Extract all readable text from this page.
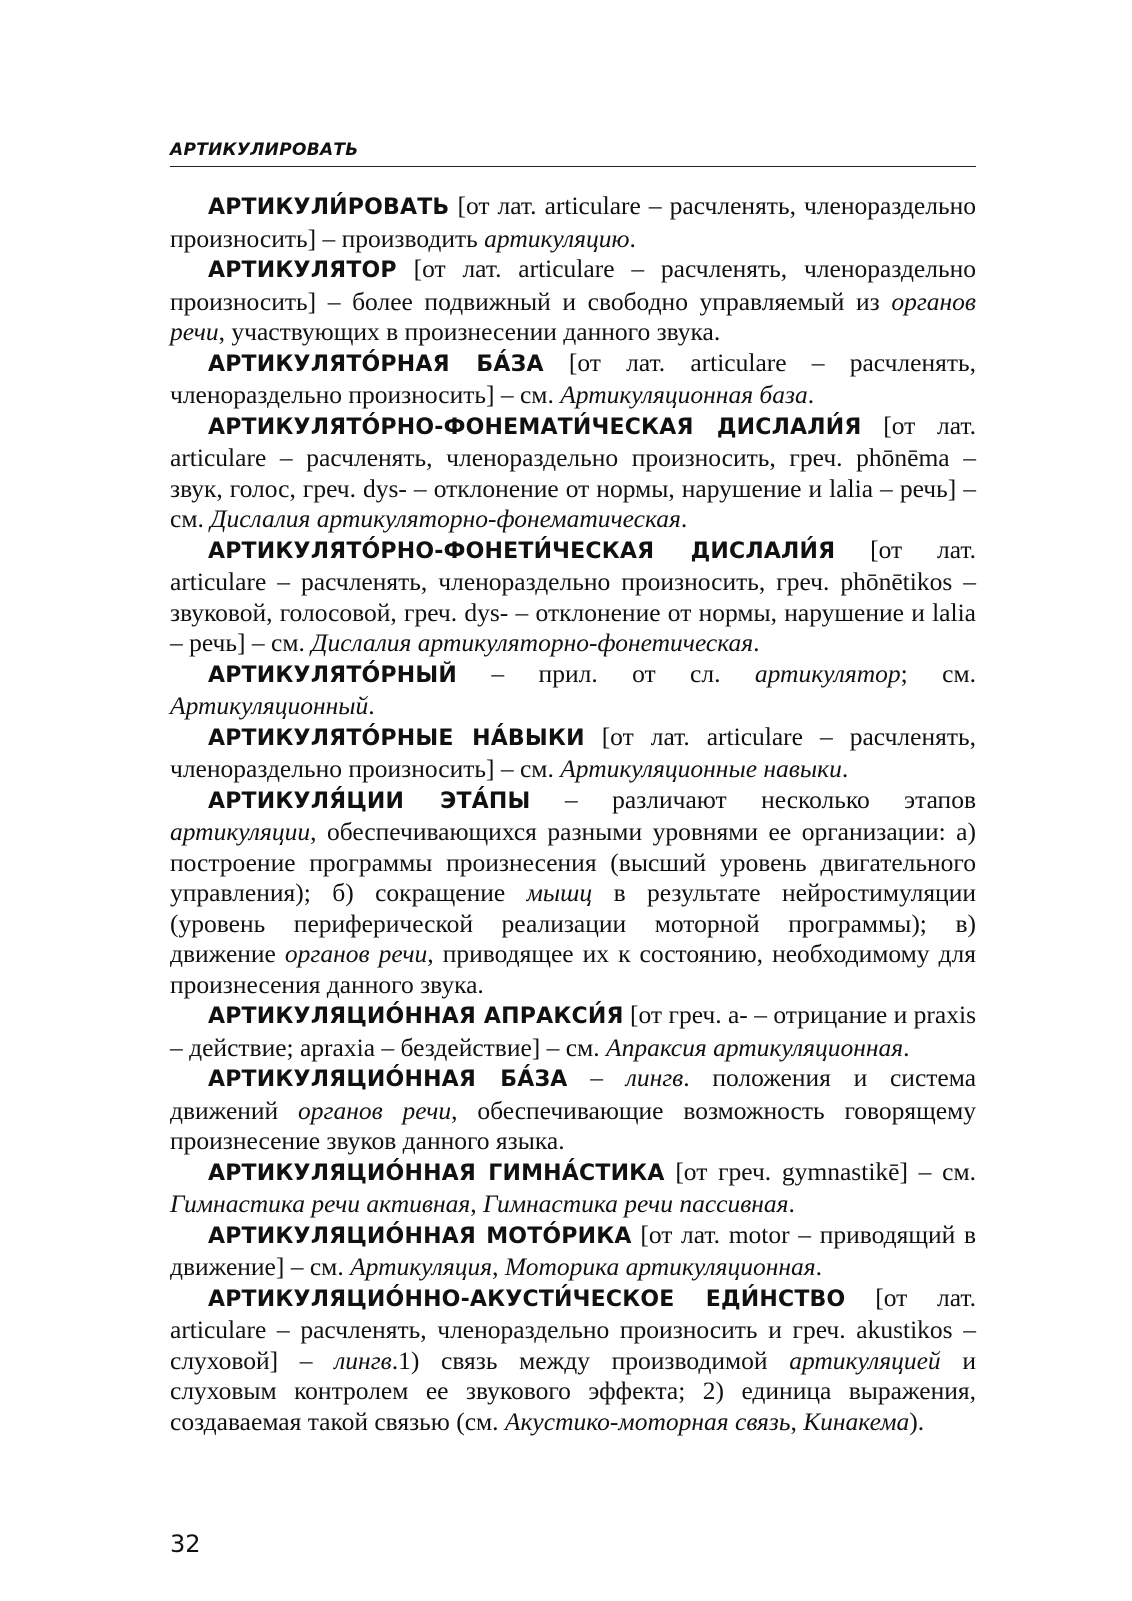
АРТИКУЛИРОВАТЬ

АРТИКУЛИ́РОВАТЬ [от лат. articulare – расчленять, членораздельно произносить] – производить артикуляцию.

АРТИКУЛЯТОР [от лат. articulare – расчленять, членораздельно произносить] – более подвижный и свободно управляемый из органов речи, участвующих в произнесении данного звука.

АРТИКУЛЯТО́РНАЯ БА́ЗА [от лат. articulare – расчленять, членораздельно произносить] – см. Артикуляционная база.

АРТИКУЛЯТО́РНО-ФОНЕМАТИ́ЧЕСКАЯ ДИСЛАЛИ́Я [от лат. articulare – расчленять, членораздельно произносить, греч. phōnēma – звук, голос, греч. dys- – отклонение от нормы, нарушение и lalia – речь] – см. Дислалия артикуляторно-фонематическая.

АРТИКУЛЯТО́РНО-ФОНЕТИ́ЧЕСКАЯ ДИСЛАЛИ́Я [от лат. articulare – расчленять, членораздельно произносить, греч. phōnētikos – звуковой, голосовой, греч. dys- – отклонение от нормы, нарушение и lalia – речь] – см. Дислалия артикуляторно-фонетическая.

АРТИКУЛЯТО́РНЫЙ – прил. от сл. артикулятор; см. Артикуляционный.

АРТИКУЛЯТО́РНЫЕ НА́ВЫКИ [от лат. articulare – расчленять, членораздельно произносить] – см. Артикуляционные навыки.

АРТИКУЛЯ́ЦИИ ЭТА́ПЫ – различают несколько этапов артикуляции, обеспечивающихся разными уровнями ее организации: а) построение программы произнесения (высший уровень двигательного управления); б) сокращение мышц в результате нейростимуляции (уровень периферической реализации моторной программы); в) движение органов речи, приводящее их к состоянию, необходимому для произнесения данного звука.

АРТИКУЛЯЦИО́ННАЯ АПРАКСИ́Я [от греч. а- – отрицание и praxis – действие; apraxia – бездействие] – см. Апраксия артикуляционная.

АРТИКУЛЯЦИО́ННАЯ БА́ЗА – лингв. положения и система движений органов речи, обеспечивающие возможность говорящему произнесение звуков данного языка.

АРТИКУЛЯЦИО́ННАЯ ГИМНА́СТИКА [от греч. gymnastikē] – см. Гимнастика речи активная, Гимнастика речи пассивная.

АРТИКУЛЯЦИО́ННАЯ МОТО́РИКА [от лат. motor – приводящий в движение] – см. Артикуляция, Моторика артикуляционная.

АРТИКУЛЯЦИО́ННО-АКУСТИ́ЧЕСКОЕ ЕДИ́НСТВО [от лат. articulare – расчленять, членораздельно произносить и греч. akustikos – слуховой] – лингв.1) связь между производимой артикуляцией и слуховым контролем ее звукового эффекта; 2) единица выражения, создаваемая такой связью (см. Акустико-моторная связь, Кинакема).

32
